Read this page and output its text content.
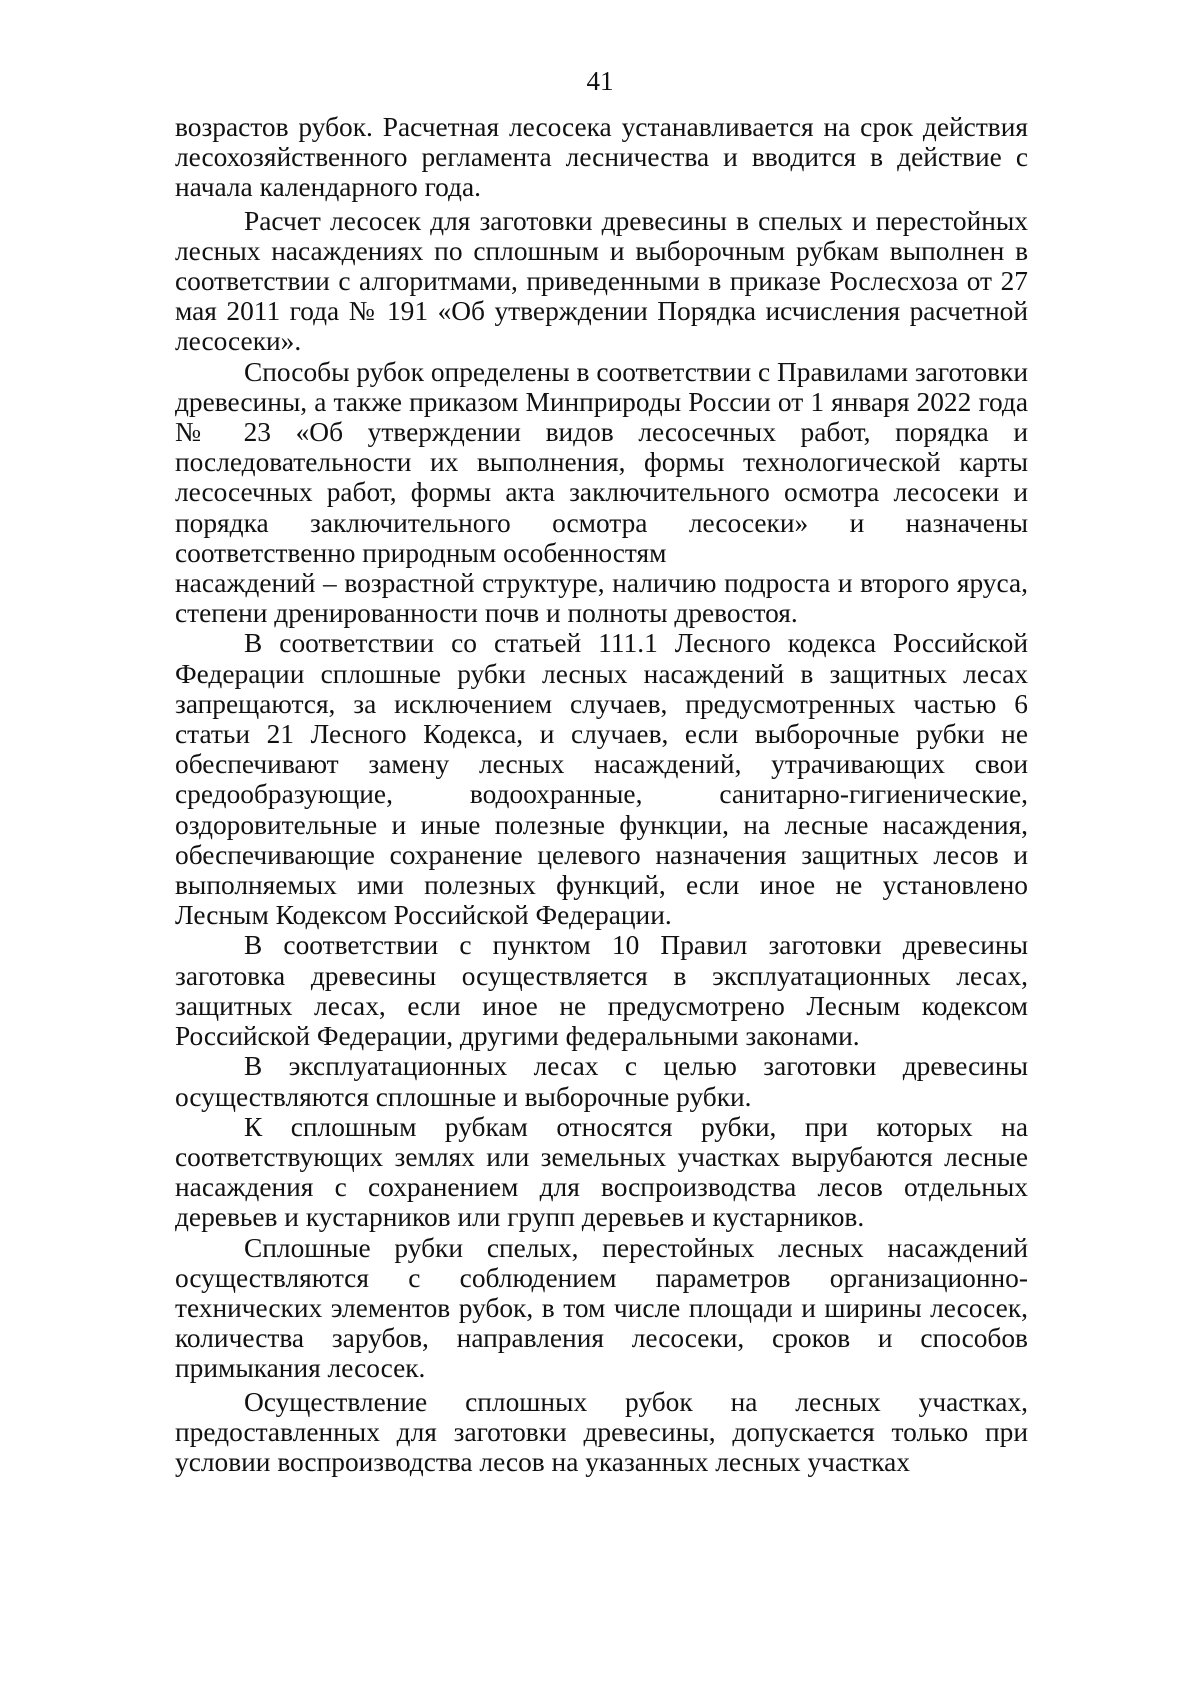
41

возрастов рубок. Расчетная лесосека устанавливается на срок действия лесохозяйственного регламента лесничества и вводится в действие с начала календарного года.

Расчет лесосек для заготовки древесины в спелых и перестойных лесных насаждениях по сплошным и выборочным рубкам выполнен в соответствии с алгоритмами, приведенными в приказе Рослесхоза от 27 мая 2011 года № 191 «Об утверждении Порядка исчисления расчетной лесосеки».

Способы рубок определены в соответствии с Правилами заготовки древесины, а также приказом Минприроды России от 1 января 2022 года № 23 «Об утверждении видов лесосечных работ, порядка и последовательности их выполнения, формы технологической карты лесосечных работ, формы акта заключительного осмотра лесосеки и порядка заключительного осмотра лесосеки» и назначены соответственно природным особенностям

насаждений – возрастной структуре, наличию подроста и второго яруса, степени дренированности почв и полноты древостоя.

В соответствии со статьей 111.1 Лесного кодекса Российской Федерации сплошные рубки лесных насаждений в защитных лесах запрещаются, за исключением случаев, предусмотренных частью 6 статьи 21 Лесного Кодекса, и случаев, если выборочные рубки не обеспечивают замену лесных насаждений, утрачивающих свои средообразующие, водоохранные, санитарно-гигиенические, оздоровительные и иные полезные функции, на лесные насаждения, обеспечивающие сохранение целевого назначения защитных лесов и выполняемых ими полезных функций, если иное не установлено Лесным Кодексом Российской Федерации.

В соответствии с пунктом 10 Правил заготовки древесины заготовка древесины осуществляется в эксплуатационных лесах, защитных лесах, если иное не предусмотрено Лесным кодексом Российской Федерации, другими федеральными законами.

В эксплуатационных лесах с целью заготовки древесины осуществляются сплошные и выборочные рубки.

К сплошным рубкам относятся рубки, при которых на соответствующих землях или земельных участках вырубаются лесные насаждения с сохранением для воспроизводства лесов отдельных деревьев и кустарников или групп деревьев и кустарников.

Сплошные рубки спелых, перестойных лесных насаждений осуществляются с соблюдением параметров организационно-технических элементов рубок, в том числе площади и ширины лесосек, количества зарубов, направления лесосеки, сроков и способов примыкания лесосек.

Осуществление сплошных рубок на лесных участках, предоставленных для заготовки древесины, допускается только при условии воспроизводства лесов на указанных лесных участках
